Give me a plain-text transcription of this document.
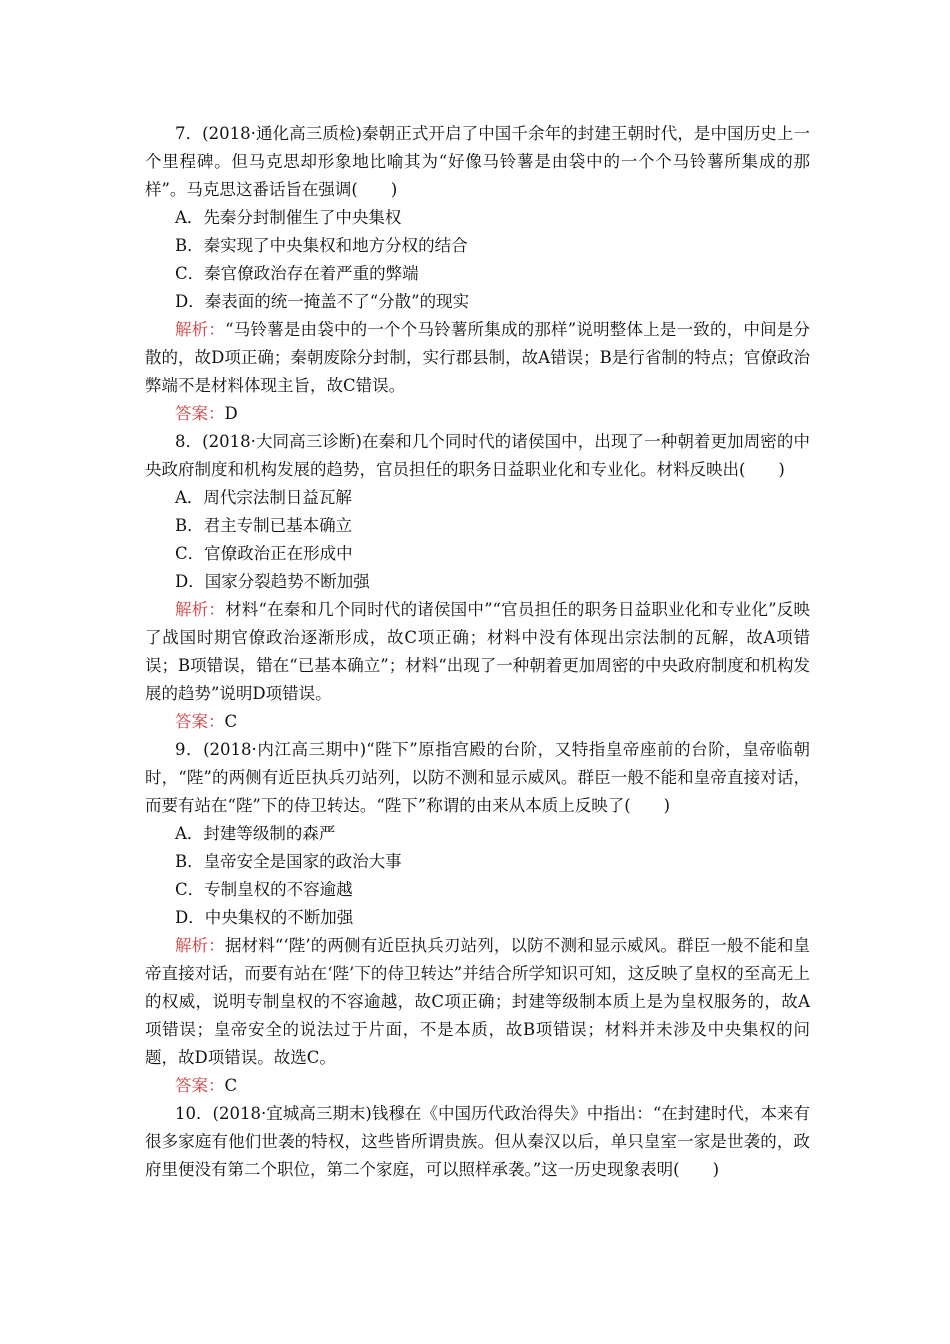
7．(2018·通化高三质检)秦朝正式开启了中国千余年的封建王朝时代，是中国历史上一个里程碑。但马克思却形象地比喻其为“好像马铃薯是由袋中的一个个马铃薯所集成的那样”。马克思这番话旨在强调(　　)

A．先秦分封制催生了中央集权

B．秦实现了中央集权和地方分权的结合

C．秦官僚政治存在着严重的弊端

D．秦表面的统一掩盖不了“分散”的现实

解析：“马铃薯是由袋中的一个个马铃薯所集成的那样”说明整体上是一致的，中间是分散的，故D项正确；秦朝废除分封制，实行郡县制，故A错误；B是行省制的特点；官僚政治弊端不是材料体现主旨，故C错误。

答案：D

8．(2018·大同高三诊断)在秦和几个同时代的诸侯国中，出现了一种朝着更加周密的中央政府制度和机构发展的趋势，官员担任的职务日益职业化和专业化。材料反映出(　　)

A．周代宗法制日益瓦解

B．君主专制已基本确立

C．官僚政治正在形成中

D．国家分裂趋势不断加强

解析：材料“在秦和几个同时代的诸侯国中”“官员担任的职务日益职业化和专业化”反映了战国时期官僚政治逐渐形成，故C项正确；材料中没有体现出宗法制的瓦解，故A项错误；B项错误，错在“已基本确立”；材料“出现了一种朝着更加周密的中央政府制度和机构发展的趋势”说明D项错误。

答案：C

9．(2018·内江高三期中)“陛下”原指宫殿的台阶，又特指皇帝座前的台阶，皇帝临朝时，“陛”的两侧有近臣执兵刃站列，以防不测和显示威风。群臣一般不能和皇帝直接对话，而要有站在“陛”下的侍卫转达。“陛下”称谓的由来从本质上反映了(　　)

A．封建等级制的森严

B．皇帝安全是国家的政治大事

C．专制皇权的不容逾越

D．中央集权的不断加强

解析：据材料“‘陛’的两侧有近臣执兵刃站列，以防不测和显示威风。群臣一般不能和皇帝直接对话，而要有站在‘陛’下的侍卫转达”并结合所学知识可知，这反映了皇权的至高无上的权威，说明专制皇权的不容逾越，故C项正确；封建等级制本质上是为皇权服务的，故A项错误；皇帝安全的说法过于片面，不是本质，故B项错误；材料并未涉及中央集权的问题，故D项错误。故选C。

答案：C

10．(2018·宜城高三期末)钱穆在《中国历代政治得失》中指出：“在封建时代，本来有很多家庭有他们世袭的特权，这些皆所谓贵族。但从秦汉以后，单只皇室一家是世袭的，政府里便没有第二个职位，第二个家庭，可以照样承袭。”这一历史现象表明(　　)
